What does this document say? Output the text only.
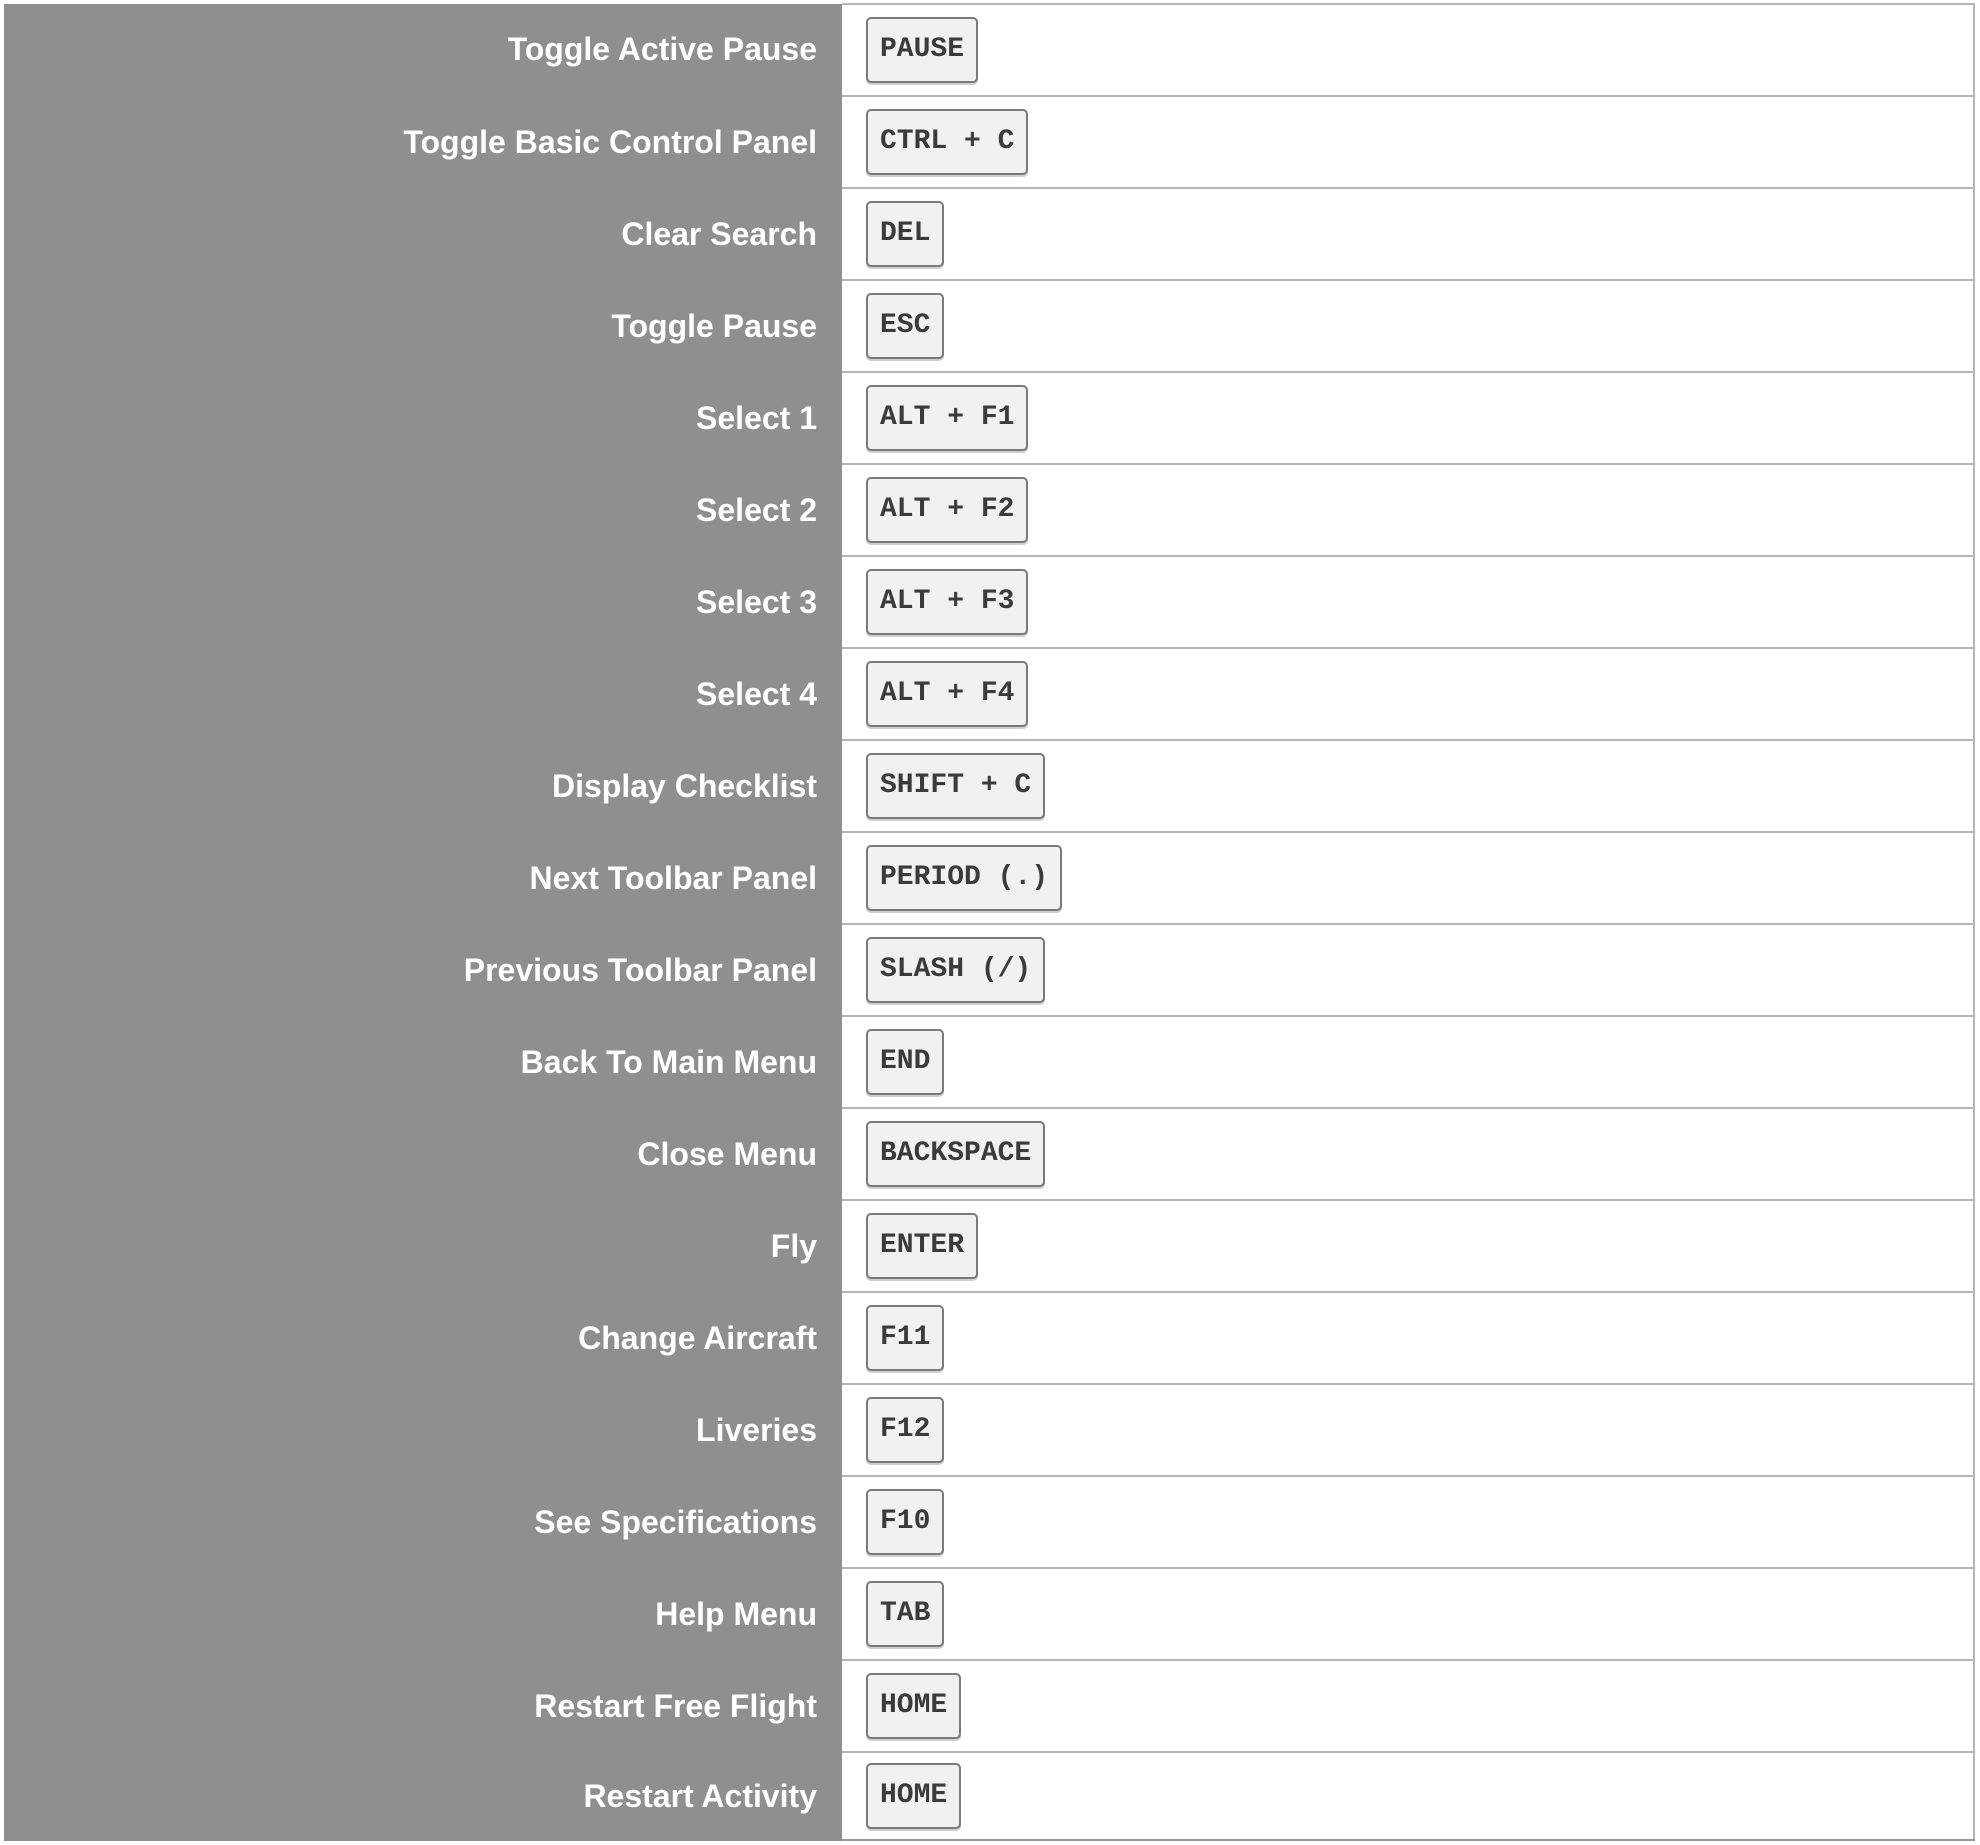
Toggle Active Pause	PAUSE
Toggle Basic Control Panel	CTRL + C
Clear Search	DEL
Toggle Pause	ESC
Select 1	ALT + F1
Select 2	ALT + F2
Select 3	ALT + F3
Select 4	ALT + F4
Display Checklist	SHIFT + C
Next Toolbar Panel	PERIOD (.)
Previous Toolbar Panel	SLASH (/)
Back To Main Menu	END
Close Menu	BACKSPACE
Fly	ENTER
Change Aircraft	F11
Liveries	F12
See Specifications	F10
Help Menu	TAB
Restart Free Flight	HOME
Restart Activity	HOME
